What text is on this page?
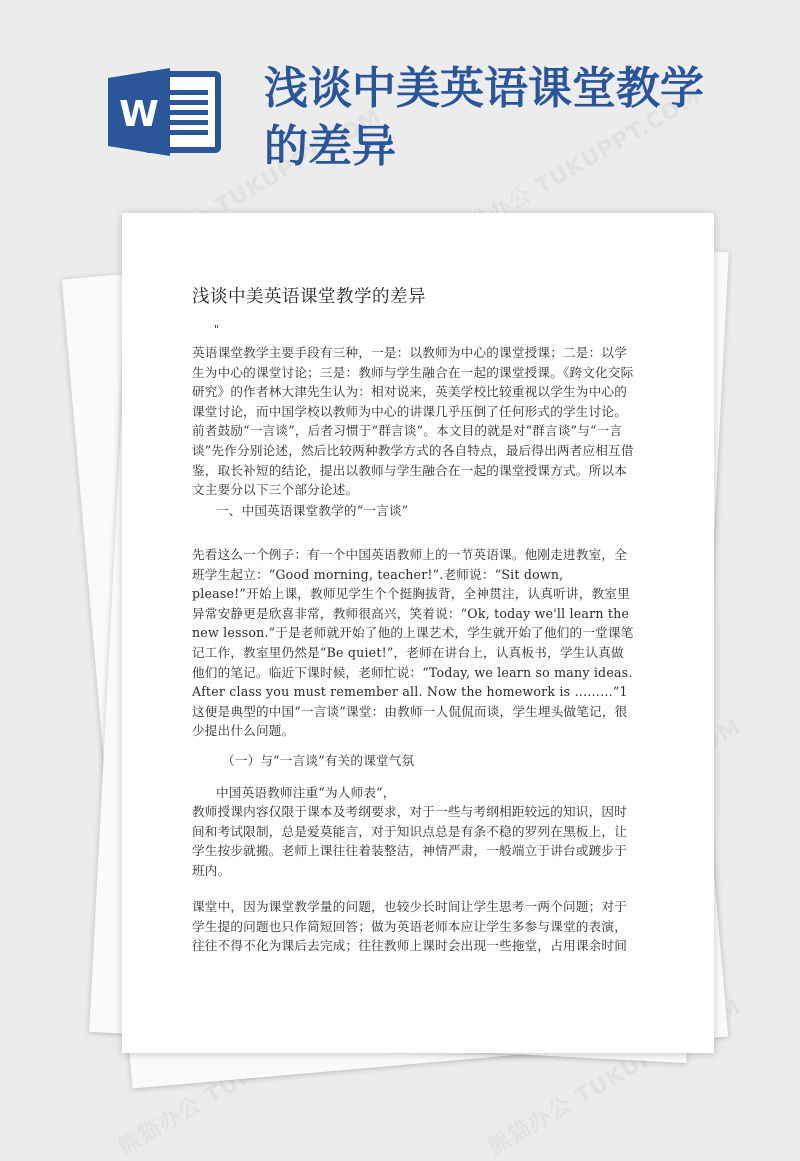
W
浅谈中美英语课堂教学的差异
浅谈中美英语课堂教学的差异
"
英语课堂教学主要手段有三种，一是：以教师为中心的课堂授课；二是：以学生为中心的课堂讨论；三是：教师与学生融合在一起的课堂授课。《跨文化交际研究》的作者林大津先生认为：相对说来，英美学校比较重视以学生为中心的课堂讨论，而中国学校以教师为中心的讲课几乎压倒了任何形式的学生讨论。前者鼓励“一言谈”，后者习惯于“群言谈”。本文目的就是对“群言谈”与“一言谈”先作分别论述，然后比较两种教学方式的各自特点，最后得出两者应相互借鉴，取长补短的结论，提出以教师与学生融合在一起的课堂授课方式。所以本文主要分以下三个部分论述。
一、中国英语课堂教学的“一言谈”
先看这么一个例子：有一个中国英语教师上的一节英语课。他刚走进教室，全班学生起立：“Good morning, teacher!”.老师说：“Sit down, please!”开始上课，教师见学生个个挺胸拔背，全神贯注，认真听讲，教室里异常安静更是欣喜非常，教师很高兴，笑着说：“Ok, today we'll learn the new lesson.”于是老师就开始了他的上课艺术，学生就开始了他们的一堂课笔记工作，教室里仍然是“Be quiet!”，老师在讲台上，认真板书，学生认真做他们的笔记。临近下课时候，老师忙说：“Today, we learn so many ideas. After class you must remember all. Now the homework is ………”1这便是典型的中国“一言谈”课堂：由教师一人侃侃而谈，学生埋头做笔记，很少提出什么问题。
（一）与“一言谈”有关的课堂气氛
中国英语教师注重“为人师表”，
教师授课内容仅限于课本及考纲要求，对于一些与考纲相距较远的知识，因时间和考试限制，总是爱莫能言，对于知识点总是有条不稳的罗列在黑板上，让学生按步就搬。老师上课往往着装整洁，神情严肃，一般端立于讲台或踱步于班内。
课堂中，因为课堂教学量的问题，也较少长时间让学生思考一两个问题；对于学生提的问题也只作简短回答；做为英语老师本应让学生多参与课堂的表演，往往不得不化为课后去完成；往往教师上课时会出现一些拖堂，占用课余时间
